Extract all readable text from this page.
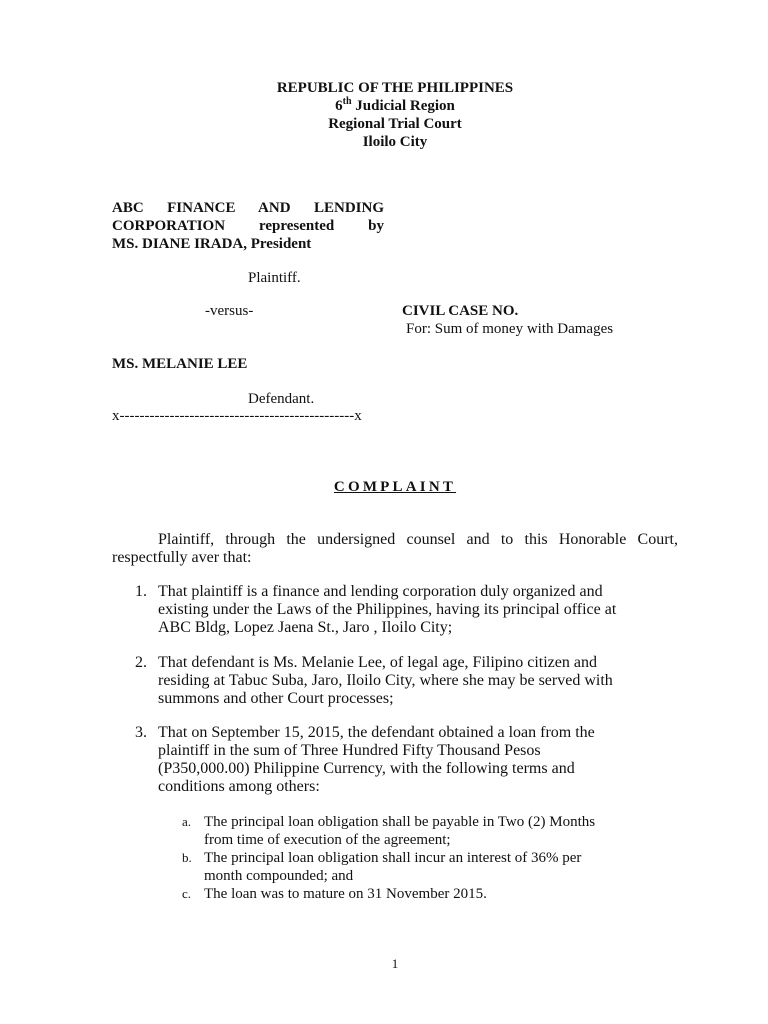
REPUBLIC OF THE PHILIPPINES

6th Judicial Region

Regional Trial Court

Iloilo City

ABC FINANCE AND LENDING
CORPORATION represented by
MS. DIANE IRADA, President

Plaintiff.

-versus-	CIVIL CASE NO.

For: Sum of money with Damages

MS. MELANIE LEE

Defendant.

x-----------------------------------------------x

COMPLAINT

Plaintiff, through the undersigned counsel and to this Honorable Court,
respectfully aver that:

1. That plaintiff is a finance and lending corporation duly organized and
existing under the Laws of the Philippines, having its principal office at
ABC Bldg, Lopez Jaena St., Jaro , Iloilo City;

2. That defendant is Ms. Melanie Lee, of legal age, Filipino citizen and
residing at Tabuc Suba, Jaro, Iloilo City, where she may be served with
summons and other Court processes;

3. That on September 15, 2015, the defendant obtained a loan from the
plaintiff in the sum of Three Hundred Fifty Thousand Pesos
(P350,000.00) Philippine Currency, with the following terms and
conditions among others:

a. The principal loan obligation shall be payable in Two (2) Months
from time of execution of the agreement;

b. The principal loan obligation shall incur an interest of 36% per
month compounded; and

c. The loan was to mature on 31 November 2015.

1
